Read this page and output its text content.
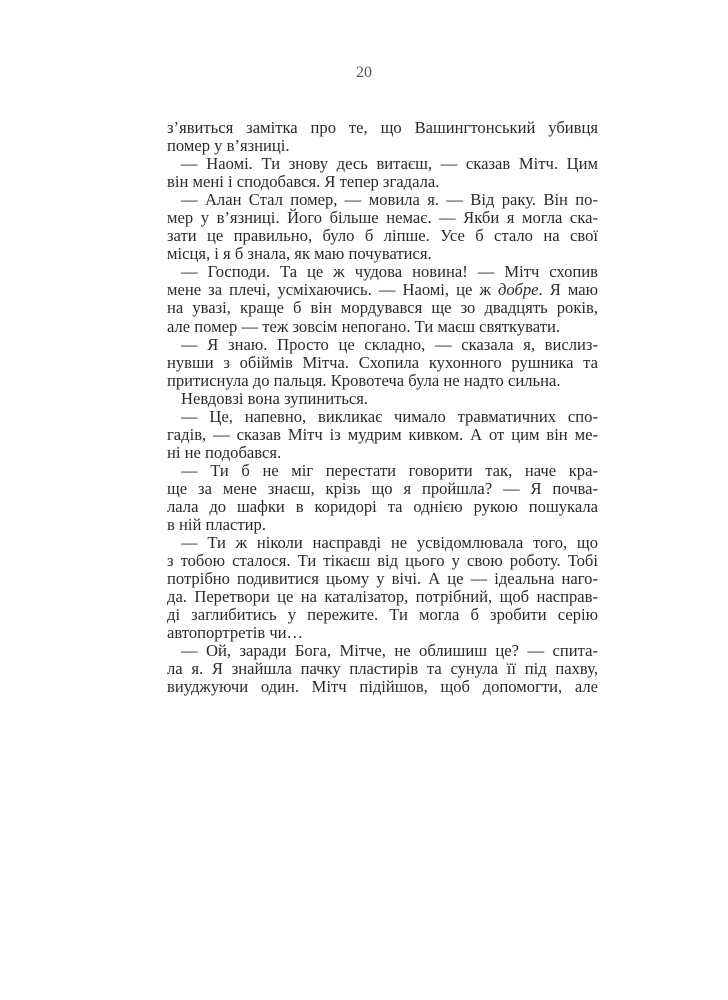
20
з’явиться замітка про те, що Вашингтонський убивця
помер у в’язниці.
— Наомі. Ти знову десь витаєш, — сказав Мітч. Цим
він мені і сподобався. Я тепер згадала.
— Алан Стал помер, — мовила я. — Від раку. Він по-
мер у в’язниці. Його більше немає. — Якби я могла ска-
зати це правильно, було б ліпше. Усе б стало на свої
місця, і я б знала, як маю почуватися.
— Господи. Та це ж чудова новина! — Мітч схопив
мене за плечі, усміхаючись. — Наомі, це ж добре. Я маю
на увазі, краще б він мордувався ще зо двадцять років,
але помер — теж зовсім непогано. Ти маєш святкувати.
— Я знаю. Просто це складно, — сказала я, вислиз-
нувши з обіймів Мітча. Схопила кухонного рушника та
притиснула до пальця. Кровотеча була не надто сильна.
Невдовзі вона зупиниться.
— Це, напевно, викликає чимало травматичних спо-
гадів, — сказав Мітч із мудрим кивком. А от цим він ме-
ні не подобався.
— Ти б не міг перестати говорити так, наче кра-
ще за мене знаєш, крізь що я пройшла? — Я почва-
лала до шафки в коридорі та однією рукою пошукала
в ній пластир.
— Ти ж ніколи насправді не усвідомлювала того, що
з тобою сталося. Ти тікаєш від цього у свою роботу. Тобі
потрібно подивитися цьому у вічі. А це — ідеальна наго-
да. Перетвори це на каталізатор, потрібний, щоб насправ-
ді заглибитись у пережите. Ти могла б зробити серію
автопортретів чи…
— Ой, заради Бога, Мітче, не облишиш це? — спита-
ла я. Я знайшла пачку пластирів та сунула її під пахву,
виуджуючи один. Мітч підійшов, щоб допомогти, але
